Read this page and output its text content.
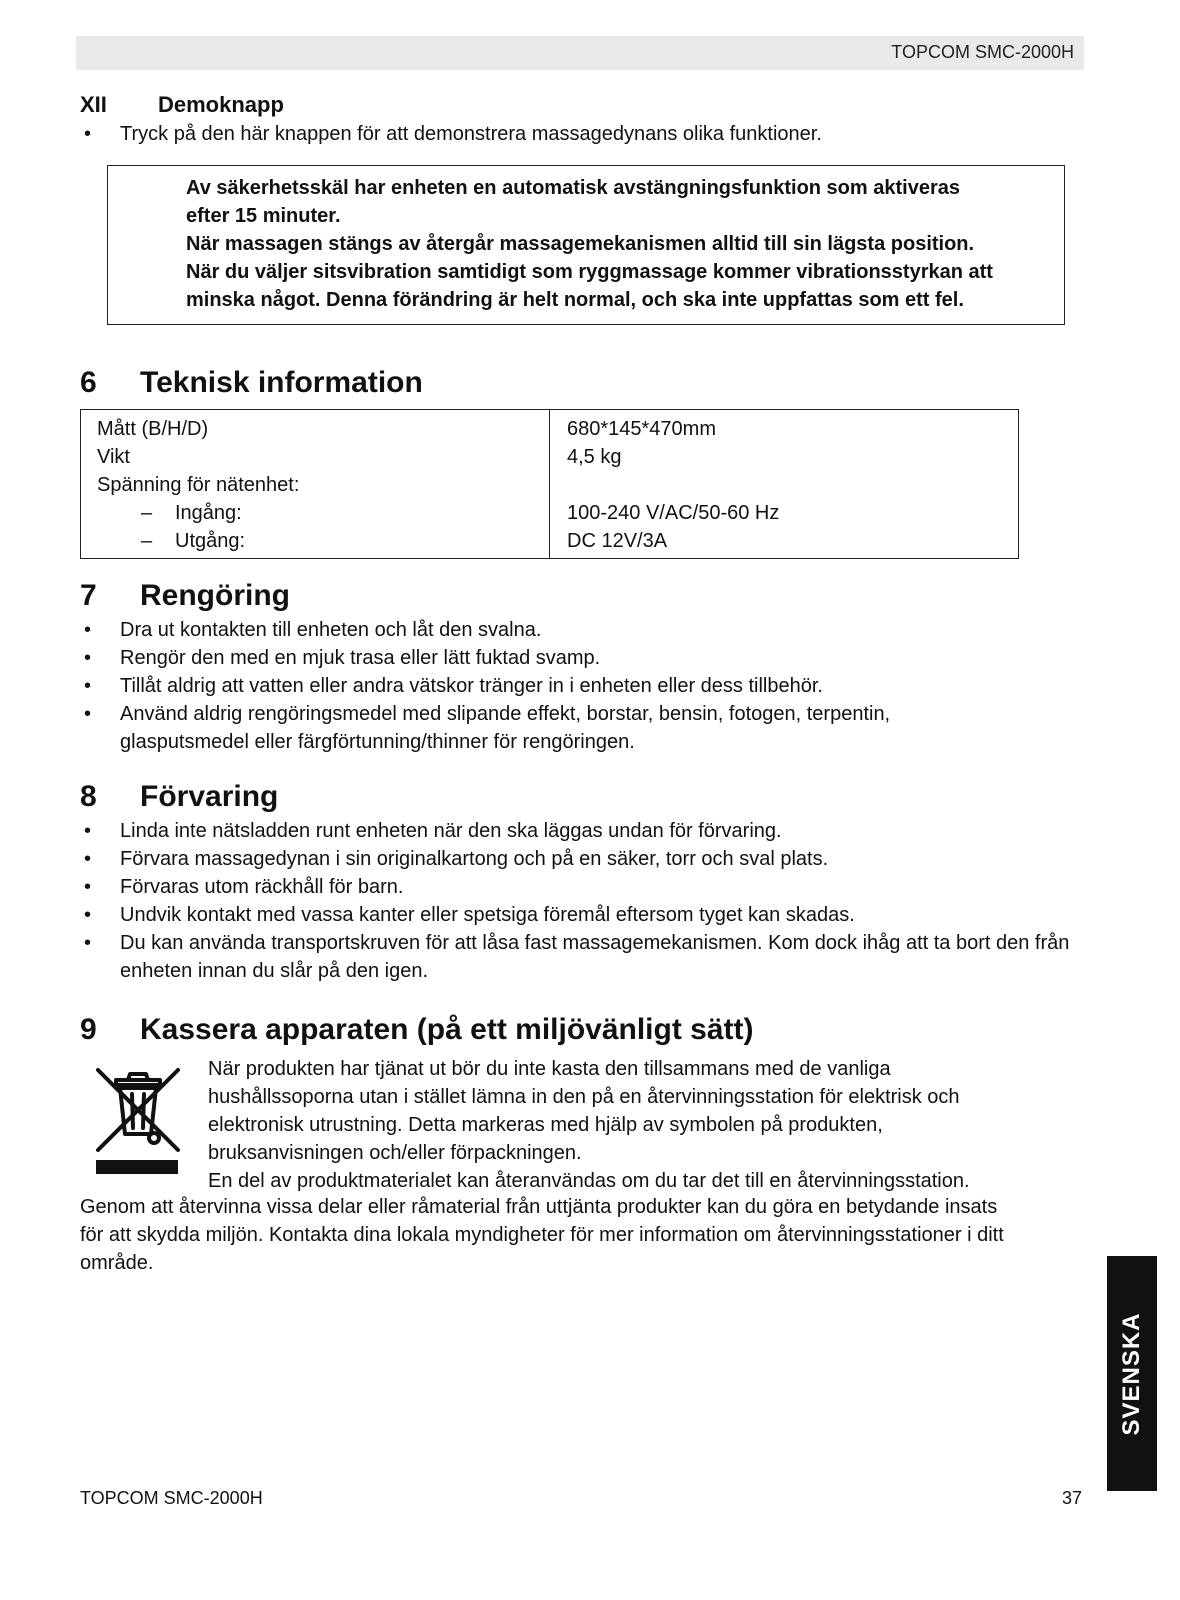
TOPCOM SMC-2000H
XII Demoknapp
• Tryck på den här knappen för att demonstrera massagedynans olika funktioner.
Av säkerhetsskäl har enheten en automatisk avstängningsfunktion som aktiveras
efter 15 minuter.
När massagen stängs av återgår massagemekanismen alltid till sin lägsta position.
När du väljer sitsvibration samtidigt som ryggmassage kommer vibrationsstyrkan att
minska något. Denna förändring är helt normal, och ska inte uppfattas som ett fel.
6 Teknisk information
Mått (B/H/D)
Vikt
Spänning för nätenhet:
– Ingång:
– Utgång:
680*145*470mm
4,5 kg
100-240 V/AC/50-60 Hz
DC 12V/3A
7 Rengöring
• Dra ut kontakten till enheten och låt den svalna.
• Rengör den med en mjuk trasa eller lätt fuktad svamp.
• Tillåt aldrig att vatten eller andra vätskor tränger in i enheten eller dess tillbehör.
• Använd aldrig rengöringsmedel med slipande effekt, borstar, bensin, fotogen, terpentin, glasputsmedel eller färgförtunning/thinner för rengöringen.
8 Förvaring
• Linda inte nätsladden runt enheten när den ska läggas undan för förvaring.
• Förvara massagedynan i sin originalkartong och på en säker, torr och sval plats.
• Förvaras utom räckhåll för barn.
• Undvik kontakt med vassa kanter eller spetsiga föremål eftersom tyget kan skadas.
• Du kan använda transportskruven för att låsa fast massagemekanismen. Kom dock ihåg att ta bort den från enheten innan du slår på den igen.
9 Kassera apparaten (på ett miljövänligt sätt)
När produkten har tjänat ut bör du inte kasta den tillsammans med de vanliga
hushållssoporna utan i stället lämna in den på en återvinningsstation för elektrisk och
elektronisk utrustning. Detta markeras med hjälp av symbolen på produkten,
bruksanvisningen och/eller förpackningen.
En del av produktmaterialet kan återanvändas om du tar det till en återvinningsstation.
Genom att återvinna vissa delar eller råmaterial från uttjänta produkter kan du göra en betydande insats
för att skydda miljön. Kontakta dina lokala myndigheter för mer information om återvinningsstationer i ditt
område.
SVENSKA
TOPCOM SMC-2000H	37
